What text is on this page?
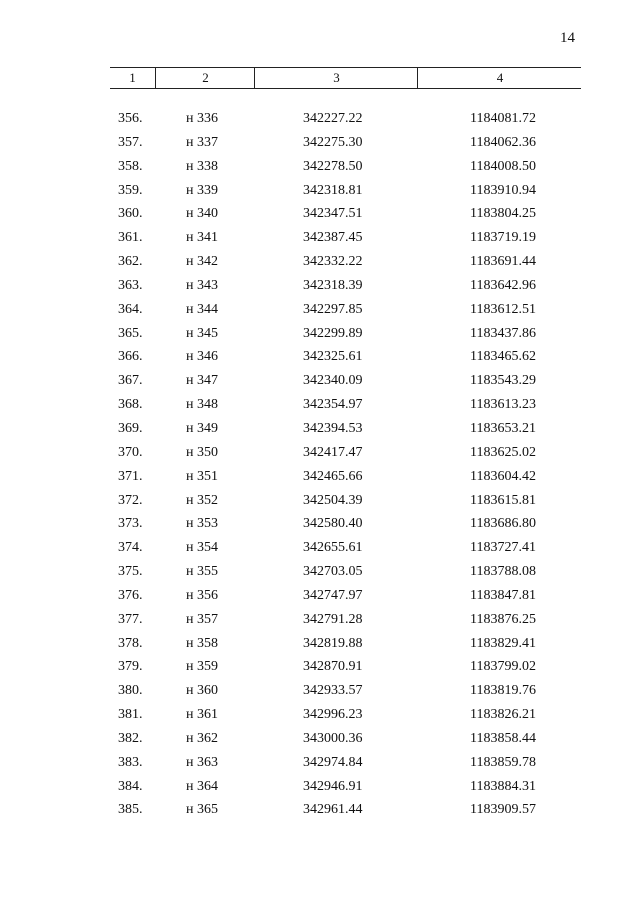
14
1	2	3	4
356.	н 336	342227.22	1184081.72
357.	н 337	342275.30	1184062.36
358.	н 338	342278.50	1184008.50
359.	н 339	342318.81	1183910.94
360.	н 340	342347.51	1183804.25
361.	н 341	342387.45	1183719.19
362.	н 342	342332.22	1183691.44
363.	н 343	342318.39	1183642.96
364.	н 344	342297.85	1183612.51
365.	н 345	342299.89	1183437.86
366.	н 346	342325.61	1183465.62
367.	н 347	342340.09	1183543.29
368.	н 348	342354.97	1183613.23
369.	н 349	342394.53	1183653.21
370.	н 350	342417.47	1183625.02
371.	н 351	342465.66	1183604.42
372.	н 352	342504.39	1183615.81
373.	н 353	342580.40	1183686.80
374.	н 354	342655.61	1183727.41
375.	н 355	342703.05	1183788.08
376.	н 356	342747.97	1183847.81
377.	н 357	342791.28	1183876.25
378.	н 358	342819.88	1183829.41
379.	н 359	342870.91	1183799.02
380.	н 360	342933.57	1183819.76
381.	н 361	342996.23	1183826.21
382.	н 362	343000.36	1183858.44
383.	н 363	342974.84	1183859.78
384.	н 364	342946.91	1183884.31
385.	н 365	342961.44	1183909.57
